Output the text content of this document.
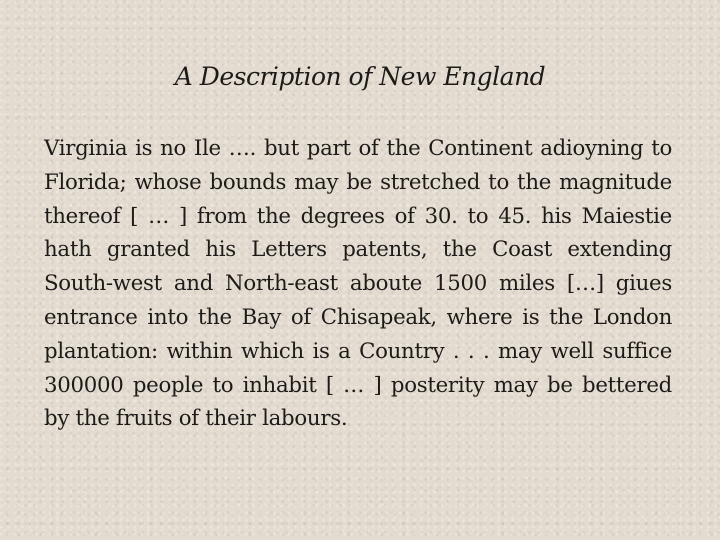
A Description of New England

Virginia is no Ile …. but part of the Continent adioyning to Florida; whose bounds may be stretched to the magnitude thereof [ … ] from the degrees of 30. to 45. his Maiestie hath granted his Letters patents, the Coast extending South-west and North-east aboute 1500 miles […] giues entrance into the Bay of Chisapeak, where is the London plantation: within which is a Country . . . may well suffice 300000 people to inhabit [ … ] posterity may be bettered by the fruits of their labours.
